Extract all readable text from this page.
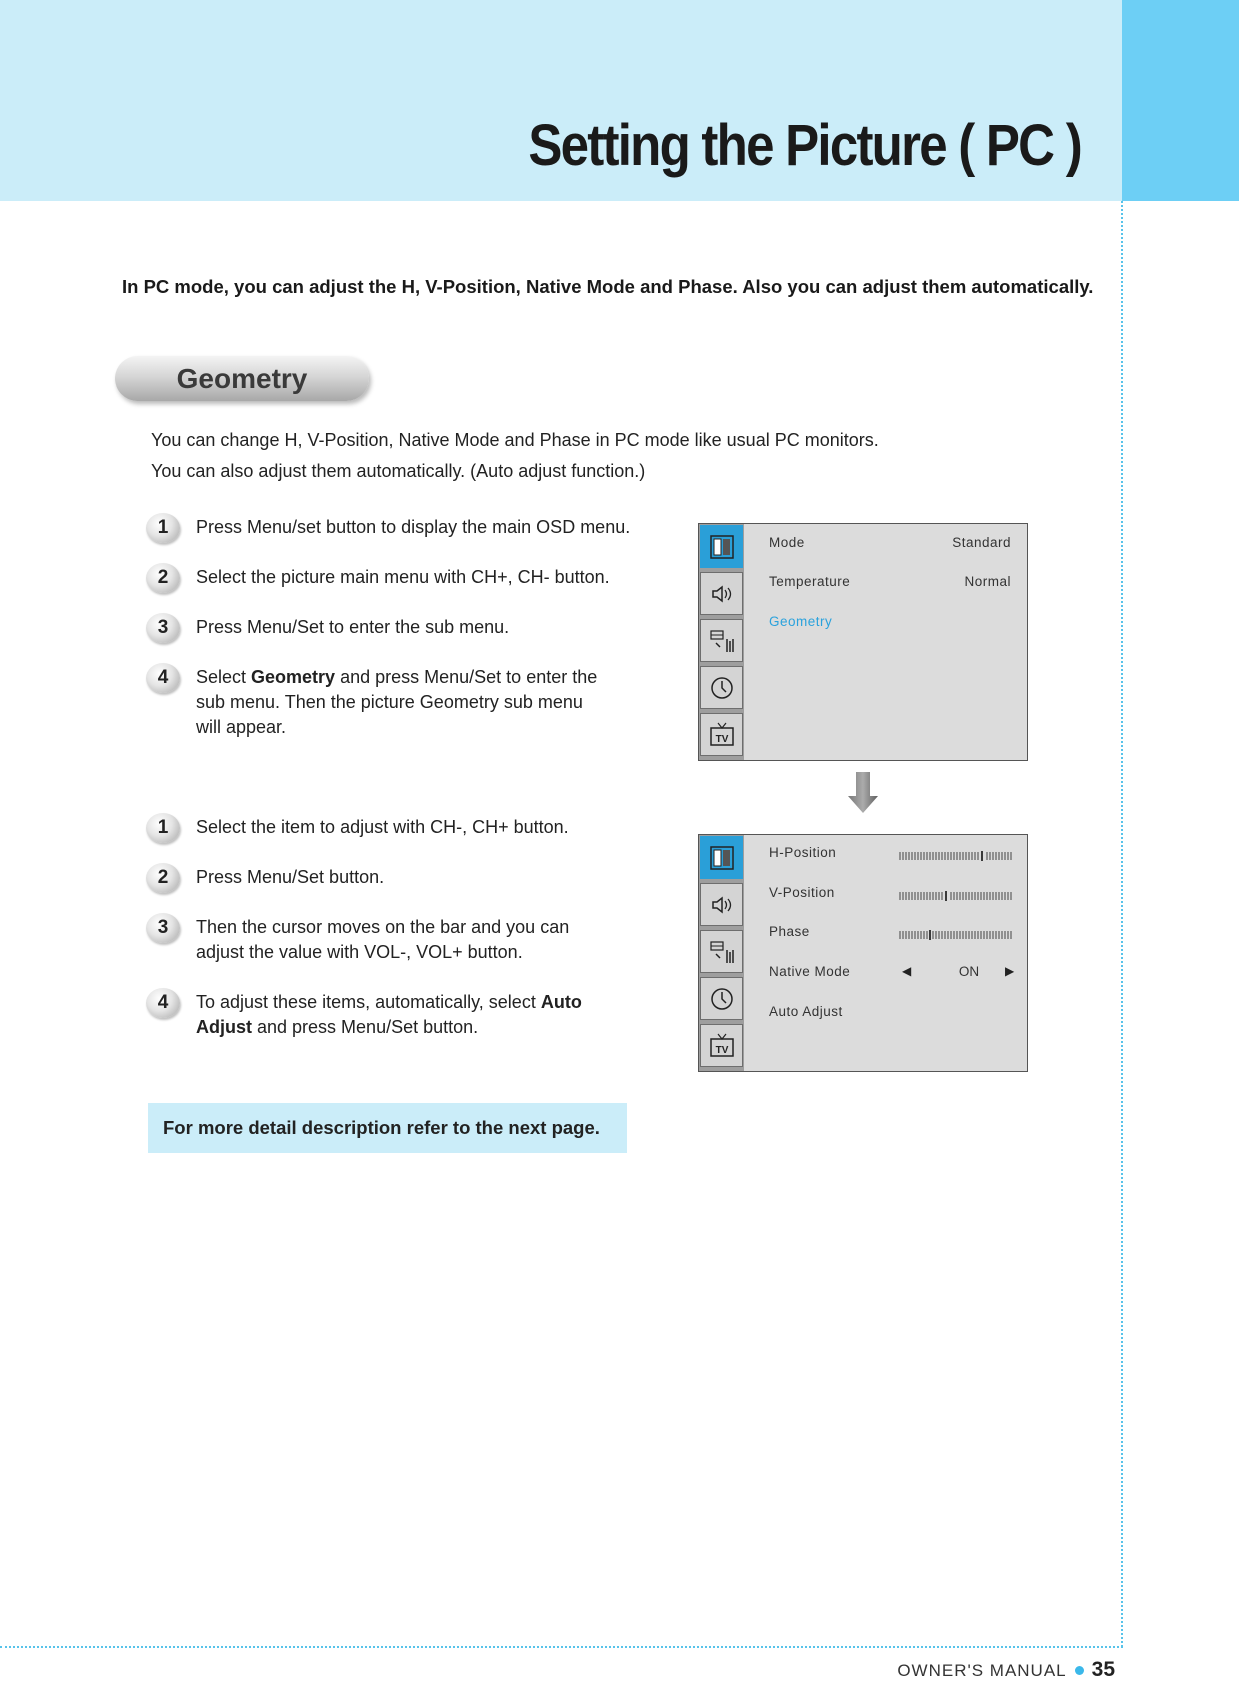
Setting the Picture ( PC )

In PC mode, you can adjust the H, V-Position, Native Mode and Phase. Also you can adjust them automatically.

Geometry

You can change H, V-Position, Native Mode and Phase in PC mode like usual PC monitors.

You can also adjust them automatically. (Auto adjust function.)

1	Press Menu/set button to display the main OSD menu.

2	Select the picture main menu with CH+, CH- button.

3	Press Menu/Set to enter the sub menu.

4	Select Geometry and press Menu/Set to enter the sub menu. Then the picture Geometry sub menu will appear.

1	Select the item to adjust with CH-, CH+ button.

2	Press Menu/Set button.

3	Then the cursor moves on the bar and you can adjust the value with VOL-, VOL+ button.

4	To adjust these items, automatically, select Auto Adjust and press Menu/Set button.

For more detail description refer to the next page.
TV
Mode	Standard
Temperature	Normal
Geometry
TV
H-Position
V-Position
Phase
Native Mode	◀	ON	▶
Auto Adjust
OWNER'S MANUAL 35
